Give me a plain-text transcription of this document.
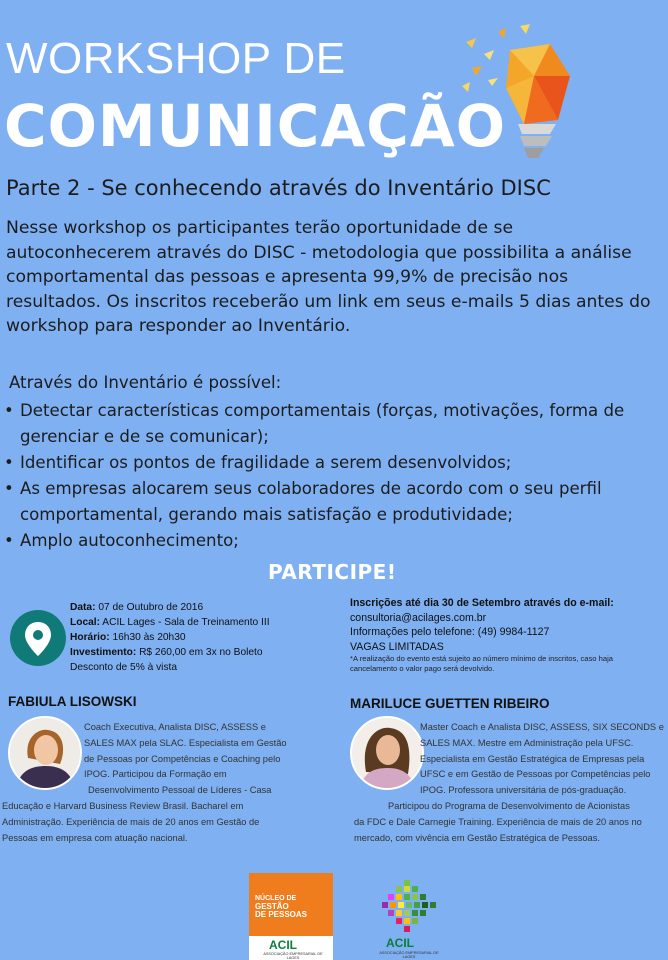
WORKSHOP DE
COMUNICAÇÃO
Parte 2 - Se conhecendo através do Inventário DISC
Nesse workshop os participantes terão oportunidade de se autoconhecerem através do DISC - metodologia que possibilita a análise comportamental das pessoas e apresenta 99,9% de precisão nos resultados. Os inscritos receberão um link em seus e-mails 5 dias antes do workshop para responder ao Inventário.
Através do Inventário é possível:
• Detectar características comportamentais (forças, motivações, forma de gerenciar e de se comunicar);
• Identificar os pontos de fragilidade a serem desenvolvidos;
• As empresas alocarem seus colaboradores de acordo com o seu perfil comportamental, gerando mais satisfação e produtividade;
• Amplo autoconhecimento;
PARTICIPE!
Data: 07 de Outubro de 2016
Local: ACIL Lages - Sala de Treinamento III
Horário: 16h30 às 20h30
Investimento: R$ 260,00 em 3x no Boleto
Desconto de 5% à vista
Inscrições até dia 30 de Setembro através do e-mail:
consultoria@acilages.com.br
Informações pelo telefone: (49) 9984-1127
VAGAS LIMITADAS
*A realização do evento está sujeito ao número mínimo de inscritos, caso haja cancelamento o valor pago será devolvido.
FABIULA LISOWSKI
Coach Executiva, Analista DISC, ASSESS e
SALES MAX pela SLAC. Especialista em Gestão
de Pessoas por Competências e Coaching pelo
IPOG. Participou da Formação em
Desenvolvimento Pessoal de Líderes - Casa
Educação e Harvard Business Review Brasil. Bacharel em
Administração. Experiência de mais de 20 anos em Gestão de
Pessoas em empresa com atuação nacional.
MARILUCE GUETTEN RIBEIRO
Master Coach e Analista DISC, ASSESS, SIX SECONDS e
SALES MAX. Mestre em Administração pela UFSC.
Especialista em Gestão Estratégica de Empresas pela
UFSC e em Gestão de Pessoas por Competências pelo
IPOG. Professora universitária de pós-graduação.
Participou do Programa de Desenvolvimento de Acionistas
da FDC e Dale Carnegie Training. Experiência de mais de 20 anos no
mercado, com vivência em Gestão Estratégica de Pessoas.
NÚCLEO DE
GESTÃO
DE PESSOAS
ACIL
ASSOCIAÇÃO EMPRESARIAL DE LAGES
ACIL
ASSOCIAÇÃO EMPRESARIAL DE LAGES
